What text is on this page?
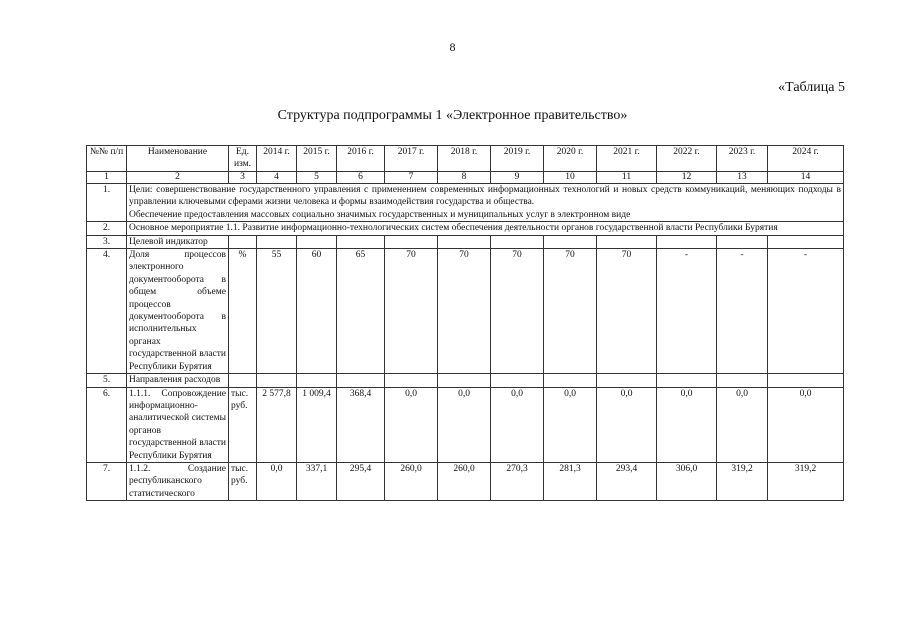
8
«Таблица 5
Структура подпрограммы 1 «Электронное правительство»
№№ п/п	Наименование	Ед. изм.	2014 г.	2015 г.	2016 г.	2017 г.	2018 г.	2019 г.	2020 г.	2021 г.	2022 г.	2023 г.	2024 г.
1	2	3	4	5	6	7	8	9	10	11	12	13	14
1.	Цели: совершенствование государственного управления с применением современных информационных технологий и новых средств коммуникаций, меняющих подходы в управлении ключевыми сферами жизни человека и формы взаимодействия государства и общества.
Обеспечение предоставления массовых социально значимых государственных и муниципальных услуг в электронном виде												
2.	Основное мероприятие 1.1. Развитие информационно-технологических систем обеспечения деятельности органов государственной власти Республики Бурятия												
3.	Целевой индикатор												
4.	Доля процессов электронного документооборота в общем объеме процессов документооборота в исполнительных органах государственной власти Республики Бурятия	%	55	60	65	70	70	70	70	70	-	-	-
5.	Направления расходов												
6.	1.1.1. Сопровождение информационно-аналитической системы органов государственной власти Республики Бурятия	тыс. руб.	2 577,8	1 009,4	368,4	0,0	0,0	0,0	0,0	0,0	0,0	0,0	0,0
7.	1.1.2. Создание республиканского статистического	тыс. руб.	0,0	337,1	295,4	260,0	260,0	270,3	281,3	293,4	306,0	319,2	319,2
